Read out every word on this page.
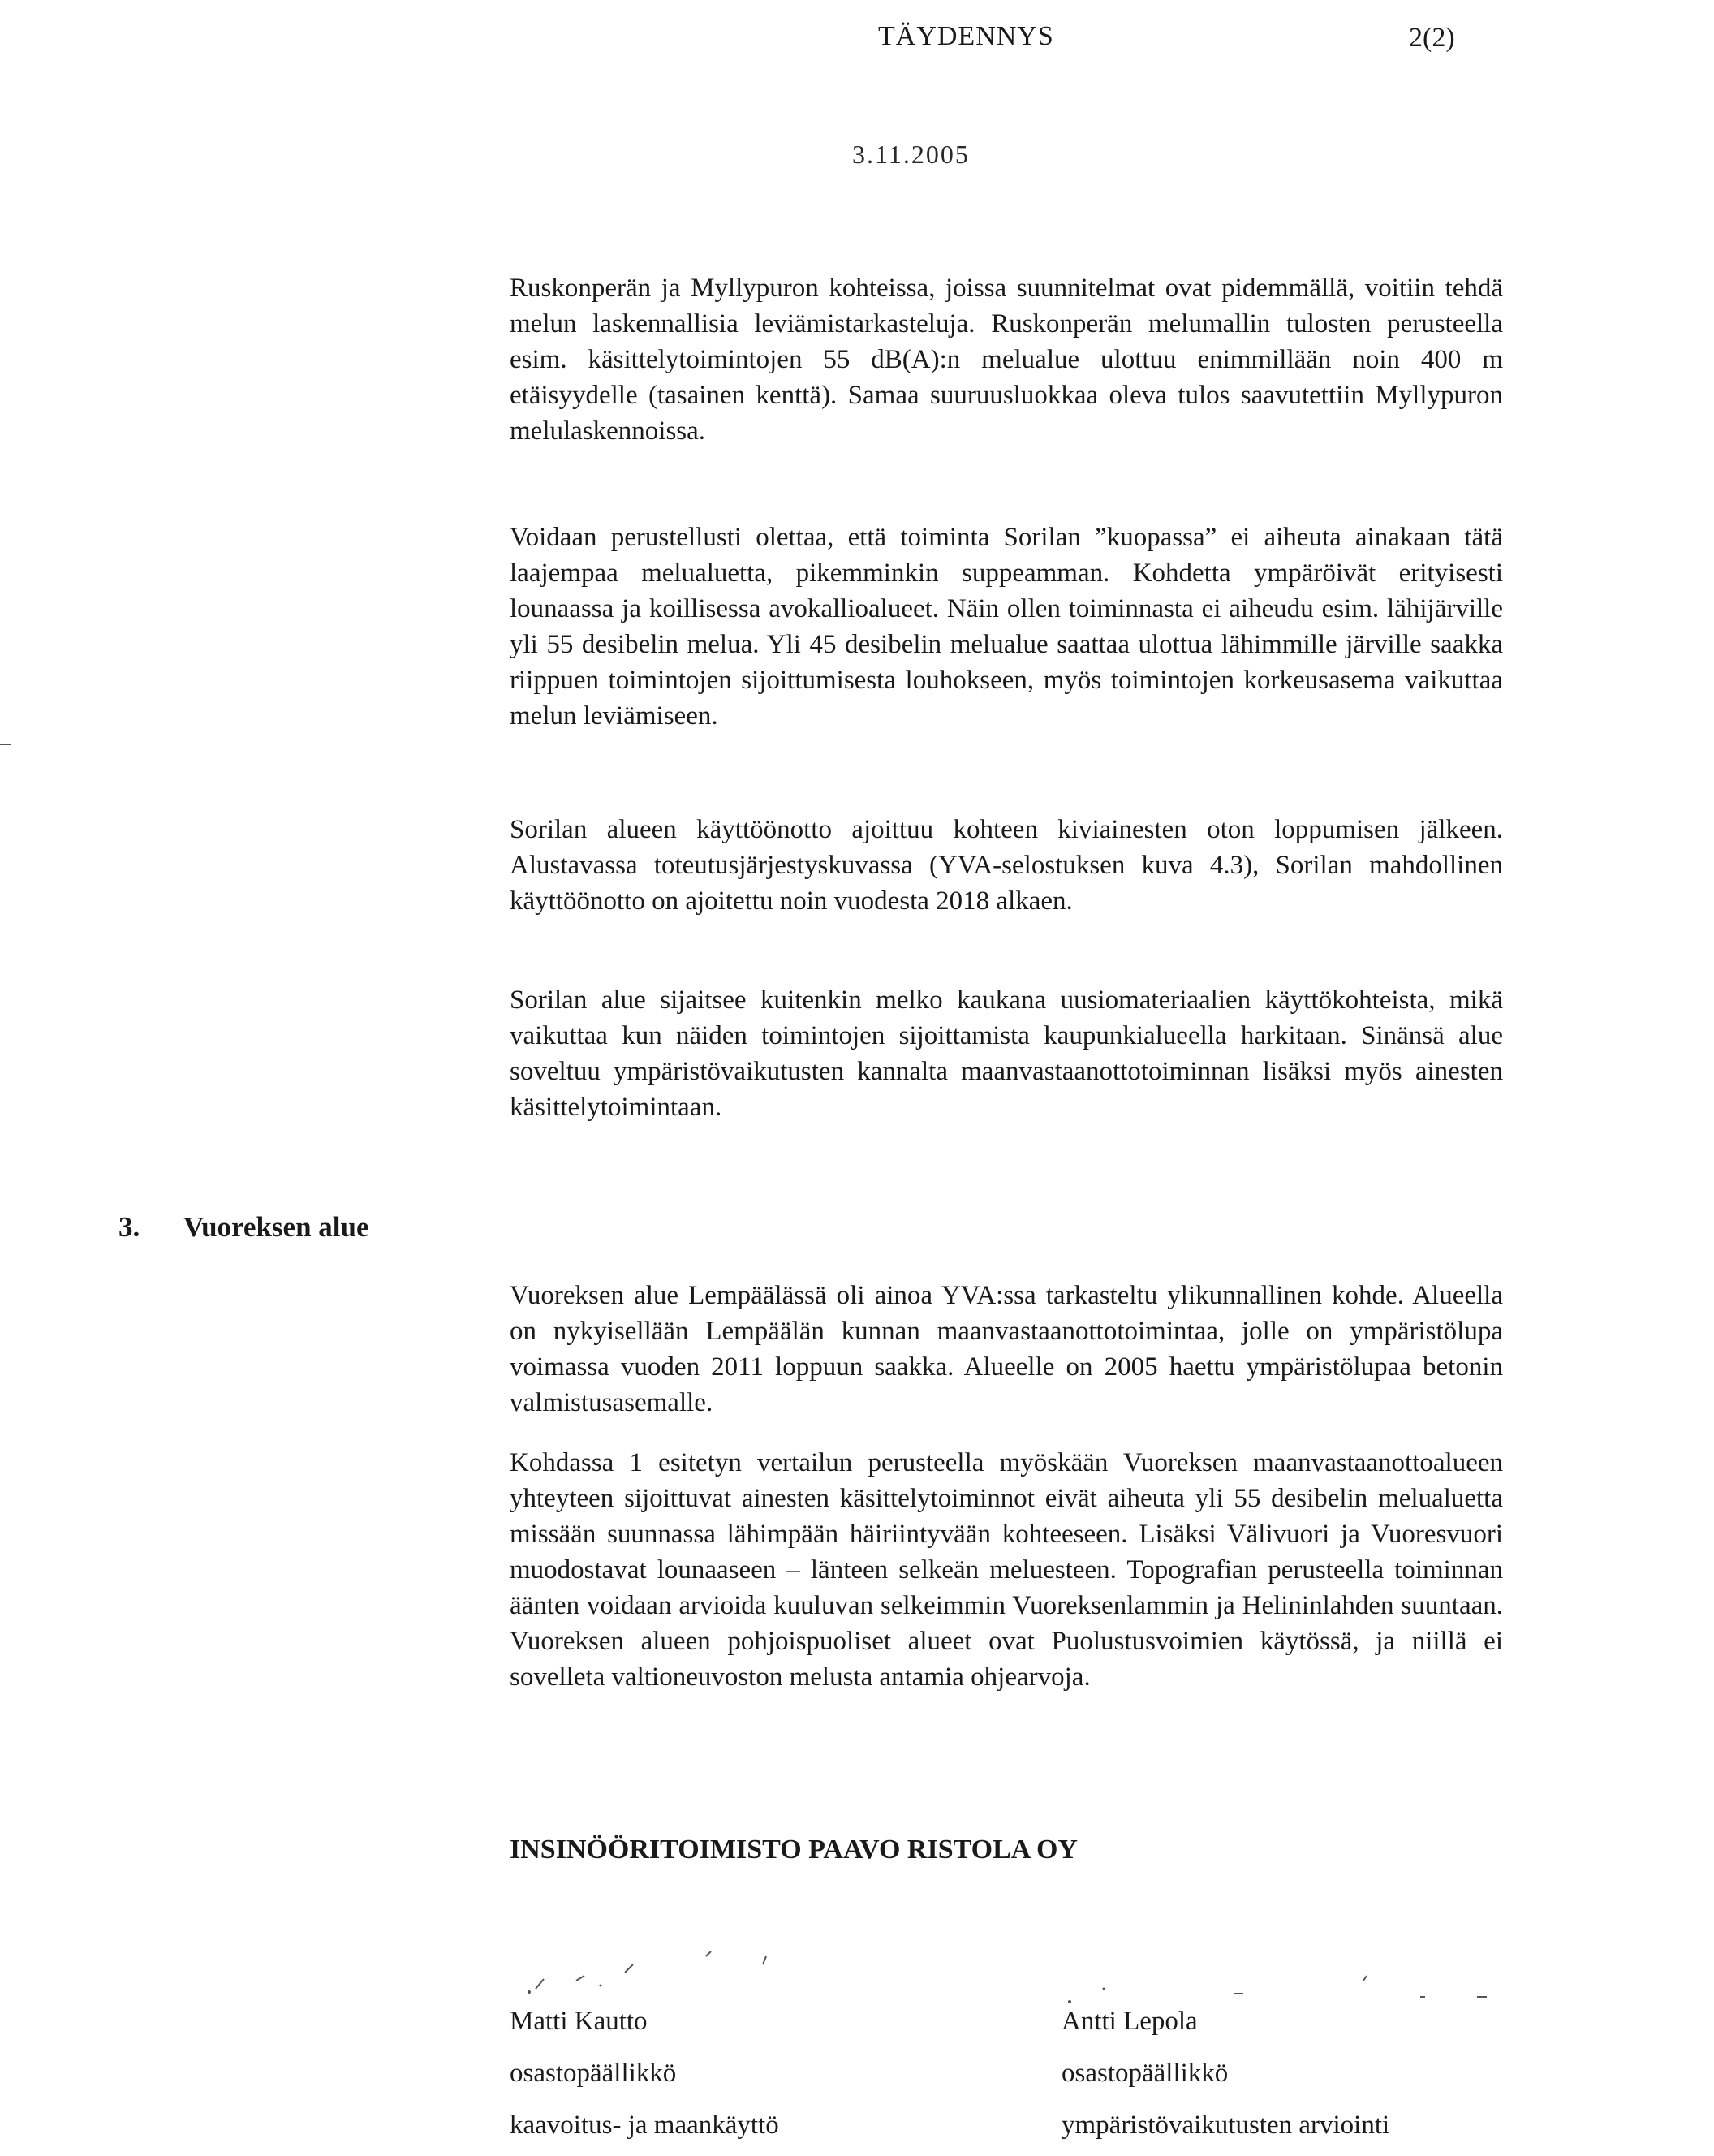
TÄYDENNYS	2(2)
3.11.2005

Ruskonperän ja Myllypuron kohteissa, joissa suunnitelmat ovat pidemmällä, voitiin tehdä melun laskennallisia leviämistarkasteluja. Ruskonperän melumallin tulosten perusteella esim. käsittelytoimintojen 55 dB(A):n melualue ulottuu enimmillään noin 400 m etäisyydelle (tasainen kenttä). Samaa suuruusluokkaa oleva tulos saavutettiin Myllypuron melulaskennoissa.

Voidaan perustellusti olettaa, että toiminta Sorilan ”kuopassa” ei aiheuta ainakaan tätä laajempaa melualuetta, pikemminkin suppeamman. Kohdetta ympäröivät erityisesti lounaassa ja koillisessa avokallioalueet. Näin ollen toiminnasta ei aiheudu esim. lähijärville yli 55 desibelin melua. Yli 45 desibelin melualue saattaa ulottua lähimmille järville saakka riippuen toimintojen sijoittumisesta louhokseen, myös toimintojen korkeusasema vaikuttaa melun leviämiseen.

Sorilan alueen käyttöönotto ajoittuu kohteen kiviainesten oton loppumisen jälkeen. Alustavassa toteutusjärjestyskuvassa (YVA-selostuksen kuva 4.3), Sorilan mahdollinen käyttöönotto on ajoitettu noin vuodesta 2018 alkaen.

Sorilan alue sijaitsee kuitenkin melko kaukana uusiomateriaalien käyttökohteista, mikä vaikuttaa kun näiden toimintojen sijoittamista kaupunkialueella harkitaan. Sinänsä alue soveltuu ympäristövaikutusten kannalta maanvastaanottotoiminnan lisäksi myös ainesten käsittelytoimintaan.

3. Vuoreksen alue

Vuoreksen alue Lempäälässä oli ainoa YVA:ssa tarkasteltu ylikunnallinen kohde. Alueella on nykyisellään Lempäälän kunnan maanvastaanottotoimintaa, jolle on ympäristölupa voimassa vuoden 2011 loppuun saakka. Alueelle on 2005 haettu ympäristölupaa betonin valmistusasemalle.

Kohdassa 1 esitetyn vertailun perusteella myöskään Vuoreksen maanvastaanottoalueen yhteyteen sijoittuvat ainesten käsittelytoiminnot eivät aiheuta yli 55 desibelin melualuetta missään suunnassa lähimpään häiriintyvään kohteeseen. Lisäksi Välivuori ja Vuoresvuori muodostavat lounaaseen – länteen selkeän meluesteen. Topografian perusteella toiminnan äänten voidaan arvioida kuuluvan selkeimmin Vuoreksenlammin ja Helininlahden suuntaan. Vuoreksen alueen pohjoispuoliset alueet ovat Puolustusvoimien käytössä, ja niillä ei sovelleta valtioneuvoston melusta antamia ohjearvoja.

INSINÖÖRITOIMISTO PAAVO RISTOLA OY
Matti Kautto
osastopäällikkö
kaavoitus- ja maankäyttö
Antti Lepola
osastopäällikkö
ympäristövaikutusten arviointi
